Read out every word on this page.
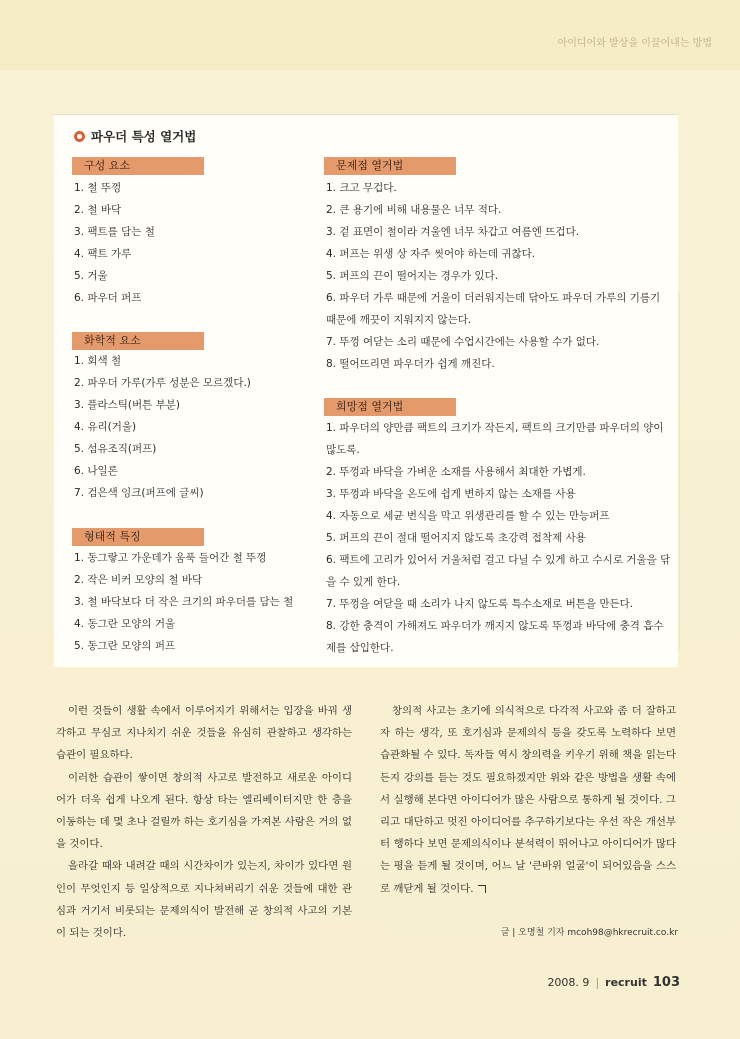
아이디어와 발상을 이끌어내는 방법
파우더 특성 열거법
구성 요소
1. 철 뚜껑
2. 철 바닥
3. 팩트를 담는 철
4. 팩트 가루
5. 거울
6. 파우더 퍼프
화학적 요소
1. 회색 철
2. 파우더 가루(가루 성분은 모르겠다.)
3. 플라스틱(버튼 부분)
4. 유리(거울)
5. 섬유조직(퍼프)
6. 나일론
7. 검은색 잉크(퍼프에 글씨)
형태적 특징
1. 동그랗고 가운데가 움푹 들어간 철 뚜껑
2. 작은 비커 모양의 철 바닥
3. 철 바닥보다 더 작은 크기의 파우더를 담는 철
4. 동그란 모양의 거울
5. 동그란 모양의 퍼프
문제점 열거법
1. 크고 무겁다.
2. 큰 용기에 비해 내용물은 너무 적다.
3. 겉 표면이 철이라 겨울엔 너무 차갑고 여름엔 뜨겁다.
4. 퍼프는 위생 상 자주 씻어야 하는데 귀찮다.
5. 퍼프의 끈이 떨어지는 경우가 있다.
6. 파우더 가루 때문에 거울이 더러워지는데 닦아도 파우더 가루의 기름기 때문에 깨끗이 지워지지 않는다.
7. 뚜껑 여닫는 소리 때문에 수업시간에는 사용할 수가 없다.
8. 떨어뜨리면 파우더가 쉽게 깨진다.
희망점 열거법
1. 파우더의 양만큼 팩트의 크기가 작든지, 팩트의 크기만큼 파우더의 양이 많도록.
2. 뚜껑과 바닥을 가벼운 소재를 사용해서 최대한 가볍게.
3. 뚜껑과 바닥을 온도에 쉽게 변하지 않는 소재를 사용
4. 자동으로 세균 번식을 막고 위생관리를 할 수 있는 만능퍼프
5. 퍼프의 끈이 절대 떨어지지 않도록 초강력 접착제 사용
6. 팩트에 고리가 있어서 거울처럼 걸고 다닐 수 있게 하고 수시로 거울을 닦을 수 있게 한다.
7. 뚜껑을 여닫을 때 소리가 나지 않도록 특수소재로 버튼을 만든다.
8. 강한 충격이 가해져도 파우더가 깨지지 않도록 뚜껑과 바닥에 충격 흡수제를 삽입한다.

이런 것들이 생활 속에서 이루어지기 위해서는 입장을 바꿔 생각하고 무심코 지나치기 쉬운 것들을 유심히 관찰하고 생각하는 습관이 필요하다.

이러한 습관이 쌓이면 창의적 사고로 발전하고 새로운 아이디어가 더욱 쉽게 나오게 된다. 항상 타는 엘리베이터지만 한 층을 이동하는 데 몇 초나 걸릴까 하는 호기심을 가져본 사람은 거의 없을 것이다.

올라갈 때와 내려갈 때의 시간차이가 있는지, 차이가 있다면 원인이 무엇인지 등 일상적으로 지나쳐버리기 쉬운 것들에 대한 관심과 거기서 비롯되는 문제의식이 발전해 곧 창의적 사고의 기본이 되는 것이다.

창의적 사고는 초기에 의식적으로 다각적 사고와 좀 더 잘하고자 하는 생각, 또 호기심과 문제의식 등을 갖도록 노력하다 보면 습관화될 수 있다. 독자들 역시 창의력을 키우기 위해 책을 읽는다든지 강의를 듣는 것도 필요하겠지만 위와 같은 방법을 생활 속에서 실행해 본다면 아이디어가 많은 사람으로 통하게 될 것이다. 그리고 대단하고 멋진 아이디어를 추구하기보다는 우선 작은 개선부터 행하다 보면 문제의식이나 분석력이 뛰어나고 아이디어가 많다는 평을 듣게 될 것이며, 어느 날 '큰바위 얼굴'이 되어있음을 스스로 깨닫게 될 것이다.

글 | 오명철 기자 mcoh98@hkrecruit.co.kr
2008. 9 | recruit 103
